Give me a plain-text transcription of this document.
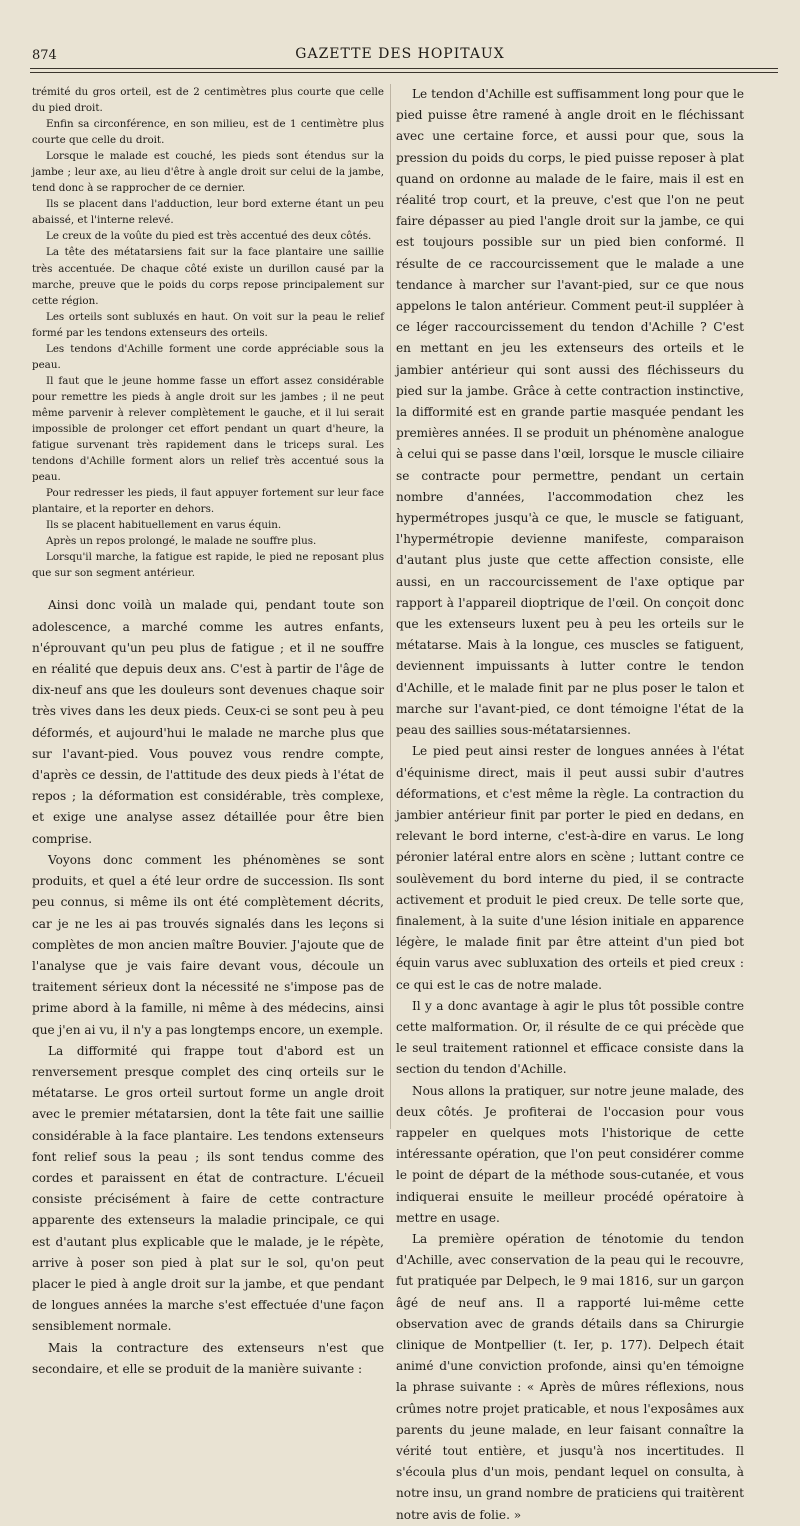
874	GAZETTE DES HOPITAUX

trémité du gros orteil, est de 2 centimètres plus courte que celle du pied droit.

Enfin sa circonférence, en son milieu, est de 1 centimètre plus courte que celle du droit.

Lorsque le malade est couché, les pieds sont étendus sur la jambe ; leur axe, au lieu d'être à angle droit sur celui de la jambe, tend donc à se rapprocher de ce dernier.

Ils se placent dans l'adduction, leur bord externe étant un peu abaissé, et l'interne relevé.

Le creux de la voûte du pied est très accentué des deux côtés.

La tête des métatarsiens fait sur la face plantaire une saillie très accentuée. De chaque côté existe un durillon causé par la marche, preuve que le poids du corps repose principalement sur cette région.

Les orteils sont subluxés en haut. On voit sur la peau le relief formé par les tendons extenseurs des orteils.

Les tendons d'Achille forment une corde appréciable sous la peau.

Il faut que le jeune homme fasse un effort assez considérable pour remettre les pieds à angle droit sur les jambes ; il ne peut même parvenir à relever complètement le gauche, et il lui serait impossible de prolonger cet effort pendant un quart d'heure, la fatigue survenant très rapidement dans le triceps sural. Les tendons d'Achille forment alors un relief très accentué sous la peau.

Pour redresser les pieds, il faut appuyer fortement sur leur face plantaire, et la reporter en dehors.

Ils se placent habituellement en varus équin.

Après un repos prolongé, le malade ne souffre plus.

Lorsqu'il marche, la fatigue est rapide, le pied ne reposant plus que sur son segment antérieur.

Ainsi donc voilà un malade qui, pendant toute son adolescence, a marché comme les autres enfants, n'éprouvant qu'un peu plus de fatigue ; et il ne souffre en réalité que depuis deux ans. C'est à partir de l'âge de dix-neuf ans que les douleurs sont devenues chaque soir très vives dans les deux pieds. Ceux-ci se sont peu à peu déformés, et aujourd'hui le malade ne marche plus que sur l'avant-pied. Vous pouvez vous rendre compte, d'après ce dessin, de l'attitude des deux pieds à l'état de repos ; la déformation est considérable, très complexe, et exige une analyse assez détaillée pour être bien comprise.

Voyons donc comment les phénomènes se sont produits, et quel a été leur ordre de succession. Ils sont peu connus, si même ils ont été complètement décrits, car je ne les ai pas trouvés signalés dans les leçons si complètes de mon ancien maître Bouvier. J'ajoute que de l'analyse que je vais faire devant vous, découle un traitement sérieux dont la nécessité ne s'impose pas de prime abord à la famille, ni même à des médecins, ainsi que j'en ai vu, il n'y a pas longtemps encore, un exemple.

La difformité qui frappe tout d'abord est un renversement presque complet des cinq orteils sur le métatarse. Le gros orteil surtout forme un angle droit avec le premier métatarsien, dont la tête fait une saillie considérable à la face plantaire. Les tendons extenseurs font relief sous la peau ; ils sont tendus comme des cordes et paraissent en état de contracture. L'écueil consiste précisément à faire de cette contracture apparente des extenseurs la maladie principale, ce qui est d'autant plus explicable que le malade, je le répète, arrive à poser son pied à plat sur le sol, qu'on peut placer le pied à angle droit sur la jambe, et que pendant de longues années la marche s'est effectuée d'une façon sensiblement normale.

Mais la contracture des extenseurs n'est que secondaire, et elle se produit de la manière suivante :

Le tendon d'Achille est suffisamment long pour que le pied puisse être ramené à angle droit en le fléchissant avec une certaine force, et aussi pour que, sous la pression du poids du corps, le pied puisse reposer à plat quand on ordonne au malade de le faire, mais il est en réalité trop court, et la preuve, c'est que l'on ne peut faire dépasser au pied l'angle droit sur la jambe, ce qui est toujours possible sur un pied bien conformé. Il résulte de ce raccourcissement que le malade a une tendance à marcher sur l'avant-pied, sur ce que nous appelons le talon antérieur. Comment peut-il suppléer à ce léger raccourcissement du tendon d'Achille ? C'est en mettant en jeu les extenseurs des orteils et le jambier antérieur qui sont aussi des fléchisseurs du pied sur la jambe. Grâce à cette contraction instinctive, la difformité est en grande partie masquée pendant les premières années. Il se produit un phénomène analogue à celui qui se passe dans l'œil, lorsque le muscle ciliaire se contracte pour permettre, pendant un certain nombre d'années, l'accommodation chez les hypermétropes jusqu'à ce que, le muscle se fatiguant, l'hypermétropie devienne manifeste, comparaison d'autant plus juste que cette affection consiste, elle aussi, en un raccourcissement de l'axe optique par rapport à l'appareil dioptrique de l'œil. On conçoit donc que les extenseurs luxent peu à peu les orteils sur le métatarse. Mais à la longue, ces muscles se fatiguent, deviennent impuissants à lutter contre le tendon d'Achille, et le malade finit par ne plus poser le talon et marche sur l'avant-pied, ce dont témoigne l'état de la peau des saillies sous-métatarsiennes.

Le pied peut ainsi rester de longues années à l'état d'équinisme direct, mais il peut aussi subir d'autres déformations, et c'est même la règle. La contraction du jambier antérieur finit par porter le pied en dedans, en relevant le bord interne, c'est-à-dire en varus. Le long péronier latéral entre alors en scène ; luttant contre ce soulèvement du bord interne du pied, il se contracte activement et produit le pied creux. De telle sorte que, finalement, à la suite d'une lésion initiale en apparence légère, le malade finit par être atteint d'un pied bot équin varus avec subluxation des orteils et pied creux : ce qui est le cas de notre malade.

Il y a donc avantage à agir le plus tôt possible contre cette malformation. Or, il résulte de ce qui précède que le seul traitement rationnel et efficace consiste dans la section du tendon d'Achille.

Nous allons la pratiquer, sur notre jeune malade, des deux côtés. Je profiterai de l'occasion pour vous rappeler en quelques mots l'historique de cette intéressante opération, que l'on peut considérer comme le point de départ de la méthode sous-cutanée, et vous indiquerai ensuite le meilleur procédé opératoire à mettre en usage.

La première opération de ténotomie du tendon d'Achille, avec conservation de la peau qui le recouvre, fut pratiquée par Delpech, le 9 mai 1816, sur un garçon âgé de neuf ans. Il a rapporté lui-même cette observation avec de grands détails dans sa Chirurgie clinique de Montpellier (t. Ier, p. 177). Delpech était animé d'une conviction profonde, ainsi qu'en témoigne la phrase suivante : « Après de mûres réflexions, nous crûmes notre projet praticable, et nous l'exposâmes aux parents du jeune malade, en leur faisant connaître la vérité tout entière, et jusqu'à nos incertitudes. Il s'écoula plus d'un mois, pendant lequel on consulta, à notre insu, un grand nombre de praticiens qui traitèrent notre avis de folie. »
